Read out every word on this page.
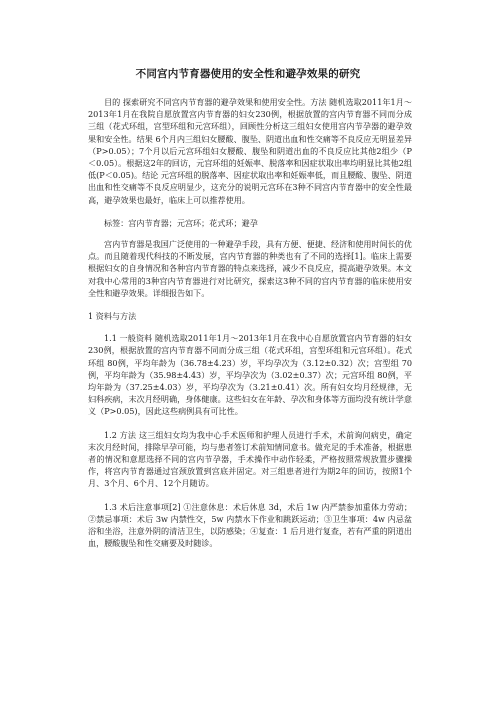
不同宫内节育器使用的安全性和避孕效果的研究

目的 探索研究不同宫内节育器的避孕效果和使用安全性。方法 随机选取2011年1月～2013年1月在我院自愿放置宫内节育器的妇女230例，根据放置的宫内节育器不同而分成三组（花式环组，宫型环组和元宫环组），回顾性分析这三组妇女使用宫内节孕器的避孕效果和安全性。结果 6个月内三组妇女腰酸、腹坠、阴道出血和性交痛等不良反应无明显差异（P>0.05）；7个月以后元宫环组妇女腰酸、腹坠和阴道出血的不良反应比其他2组少（P＜0.05）。根据这2年的回访，元宫环组的妊娠率、脱落率和因症状取出率均明显比其他2组低(P＜0.05)。结论 元宫环组的脱落率、因症状取出率和妊娠率低，而且腰酸、腹坠、阴道出血和性交痛等不良反应明显少，这充分的说明元宫环在3种不同宫内节育器中的安全性最高，避孕效果也最好，临床上可以推荐使用。

标签：宫内节育器；元宫环；花式环；避孕

宫内节育器是我国广泛使用的一种避孕手段，具有方便、便捷、经济和使用时间长的优点。而且随着现代科技的不断发展，宫内节育器的种类也有了不同的选择[1]。临床上需要根据妇女的自身情况和各种宫内节育器的特点来选择，减少不良反应，提高避孕效果。本文对我中心常用的3种宫内节育器进行对比研究，探索这3种不同的宫内节育器的临床使用安全性和避孕效果。详细报告如下。

1 资料与方法

1.1 一般资料 随机选取2011年1月～2013年1月在我中心自愿放置宫内节育器的妇女230例，根据放置的宫内节育器不同而分成三组（花式环组，宫型环组和元宫环组）。花式环组 80例，平均年龄为（36.78±4.23）岁，平均孕次为（3.12±0.32）次；宫型组 70例，平均年龄为（35.98±4.43）岁，平均孕次为（3.02±0.37）次；元宫环组 80例，平均年龄为（37.25±4.03）岁，平均孕次为（3.21±0.41）次。所有妇女均月经规律，无妇科疾病，末次月经明确，身体健康。这些妇女在年龄、孕次和身体等方面均没有统计学意义（P>0.05)，因此这些病例具有可比性。

1.2 方法 这三组妇女均为我中心手术医师和护理人员进行手术，术前询问病史，确定末次月经时间，排除早孕可能，均与患者签订术前知情同意书。做充足的手术准备，根据患者的情况和意愿选择不同的宫内节孕器，手术操作中动作轻柔，严格按照常规放置步骤操作，将宫内节育器通过宫颈放置到宫底并固定。对三组患者进行为期2年的回访，按照1个月、3个月、6个月、12个月随访。

1.3 术后注意事项[2] ①注意休息：术后休息 3d，术后 1w 内严禁参加重体力劳动；②禁忌事项：术后 3w 内禁性交，5w 内禁水下作业和跳跃运动；③卫生事项：4w 内忌盆浴和坐浴，注意外阴的清洁卫生，以防感染；④复查：1 后月进行复查，若有严重的阴道出血，腰酸腹坠和性交痛要及时随诊。
